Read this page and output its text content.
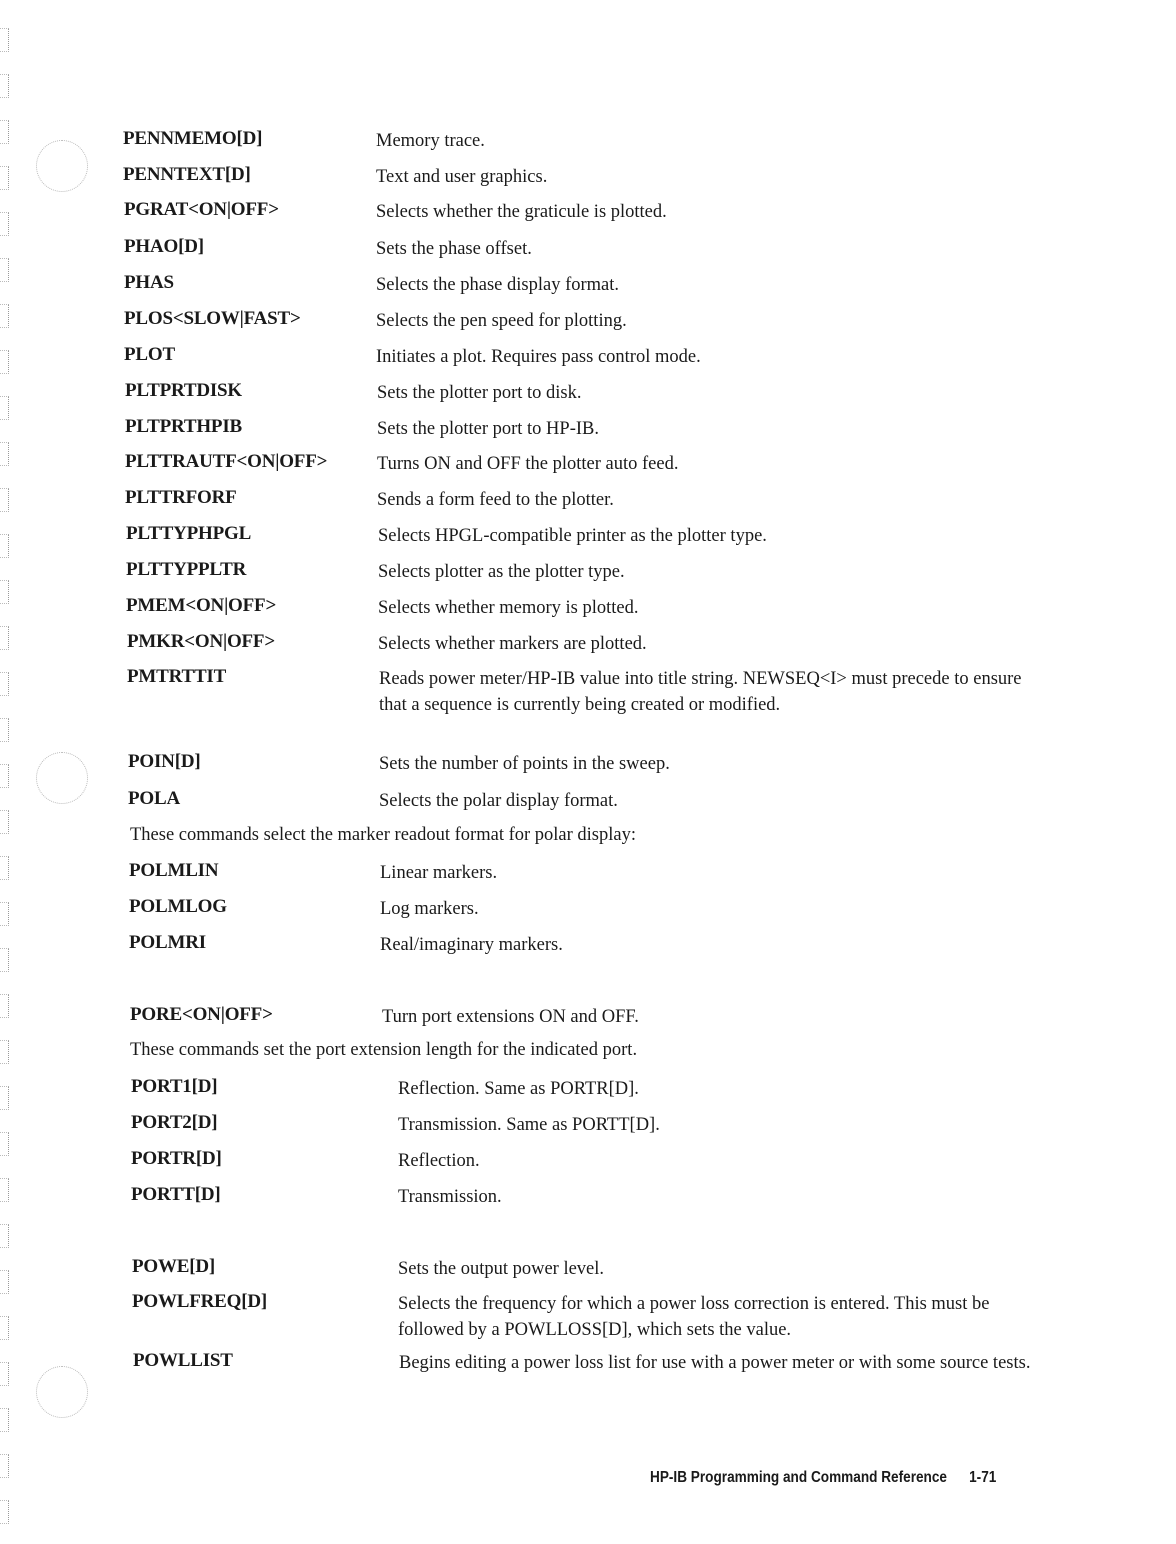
PENNMEMO[D]	Memory trace.
PENNTEXT[D]	Text and user graphics.
PGRAT<ON|OFF>	Selects whether the graticule is plotted.
PHAO[D]	Sets the phase offset.
PHAS	Selects the phase display format.
PLOS<SLOW|FAST>	Selects the pen speed for plotting.
PLOT	Initiates a plot. Requires pass control mode.
PLTPRTDISK	Sets the plotter port to disk.
PLTPRTHPIB	Sets the plotter port to HP-IB.
PLTTRAUTF<ON|OFF>	Turns ON and OFF the plotter auto feed.
PLTTRFORF	Sends a form feed to the plotter.
PLTTYPHPGL	Selects HPGL-compatible printer as the plotter type.
PLTTYPPLTR	Selects plotter as the plotter type.
PMEM<ON|OFF>	Selects whether memory is plotted.
PMKR<ON|OFF>	Selects whether markers are plotted.
PMTRTTIT	Reads power meter/HP-IB value into title string. NEWSEQ<I> must precede to ensure that a sequence is currently being created or modified.
POIN[D]	Sets the number of points in the sweep.
POLA	Selects the polar display format.
These commands select the marker readout format for polar display:
POLMLIN	Linear markers.
POLMLOG	Log markers.
POLMRI	Real/imaginary markers.
PORE<ON|OFF>	Turn port extensions ON and OFF.
These commands set the port extension length for the indicated port.
PORT1[D]	Reflection. Same as PORTR[D].
PORT2[D]	Transmission. Same as PORTT[D].
PORTR[D]	Reflection.
PORTT[D]	Transmission.
POWE[D]	Sets the output power level.
POWLFREQ[D]	Selects the frequency for which a power loss correction is entered. This must be followed by a POWLLOSS[D], which sets the value.
POWLLIST	Begins editing a power loss list for use with a power meter or with some source tests.
HP-IB Programming and Command Reference 1-71
